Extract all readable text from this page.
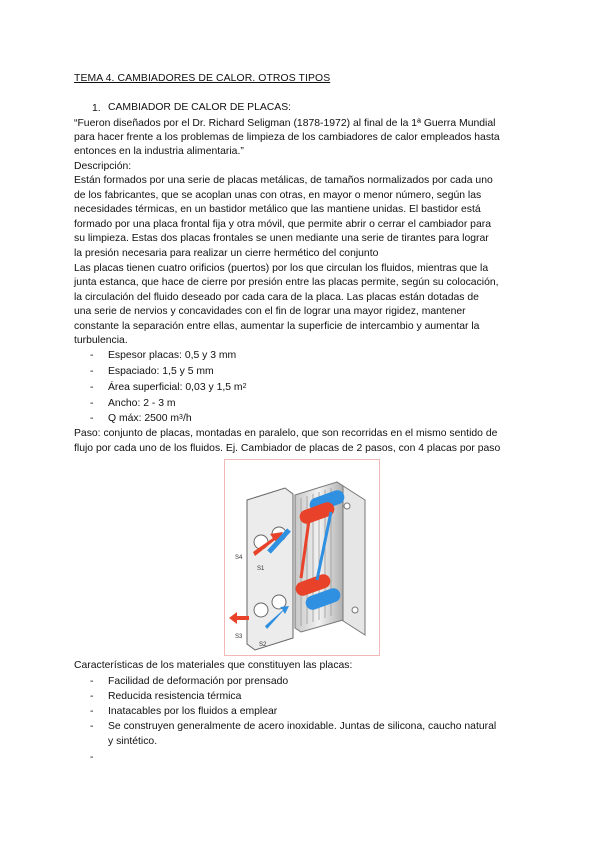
TEMA 4. CAMBIADORES DE CALOR. OTROS TIPOS
1. CAMBIADOR DE CALOR DE PLACAS:
“Fueron diseñados por el Dr. Richard Seligman (1878-1972) al final de la 1ª Guerra Mundial
para hacer frente a los problemas de limpieza de los cambiadores de calor empleados hasta
entonces en la industria alimentaria.”
Descripción:
Están formados por una serie de placas metálicas, de tamaños normalizados por cada uno
de los fabricantes, que se acoplan unas con otras, en mayor o menor número, según las
necesidades térmicas, en un bastidor metálico que las mantiene unidas. El bastidor está
formado por una placa frontal fija y otra móvil, que permite abrir o cerrar el cambiador para
su limpieza. Estas dos placas frontales se unen mediante una serie de tirantes para lograr
la presión necesaria para realizar un cierre hermético del conjunto
Las placas tienen cuatro orificios (puertos) por los que circulan los fluidos, mientras que la
junta estanca, que hace de cierre por presión entre las placas permite, según su colocación,
la circulación del fluido deseado por cada cara de la placa. Las placas están dotadas de
una serie de nervios y concavidades con el fin de lograr una mayor rigidez, mantener
constante la separación entre ellas, aumentar la superficie de intercambio y aumentar la
turbulencia.
- Espesor placas: 0,5 y 3 mm
- Espaciado: 1,5 y 5 mm
- Área superficial: 0,03 y 1,5 $m^2$
- Ancho: 2 - 3 m
- Q máx: 2500 $m^3/h$
Paso: conjunto de placas, montadas en paralelo, que son recorridas en el mismo sentido de
flujo por cada uno de los fluidos. Ej. Cambiador de placas de 2 pasos, con 4 placas por paso
S4
S1
S3
S2
Características de los materiales que constituyen las placas:
- Facilidad de deformación por prensado
- Reducida resistencia térmica
- Inatacables por los fluidos a emplear
- Se construyen generalmente de acero inoxidable. Juntas de silicona, caucho natural
y sintético.
-
